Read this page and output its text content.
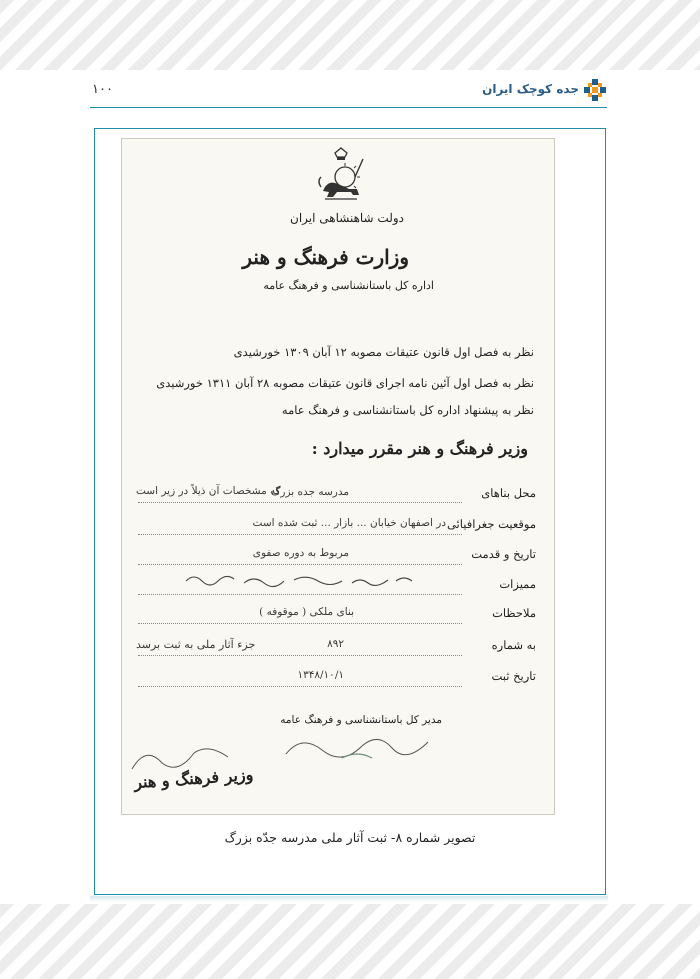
۱۰۰	جده کوچک ایران
دولت شاهنشاهی ایران
وزارت فرهنگ و هنر
اداره کل باستانشناسی و فرهنگ عامه
نظر به فصل اول قانون عتیقات مصوبه ۱۲ آبان ۱۳۰۹ خورشیدی
نظر به فصل اول آئین نامه اجرای قانون عتیقات مصوبه ۲۸ آبان ۱۳۱۱ خورشیدی
نظر به پیشنهاد اداره کل باستانشناسی و فرهنگ عامه
وزیر فرهنگ و هنر مقرر میدارد :
محل بناهای
مدرسه جده بزرگ
که مشخصات آن ذیلاً در زیر است
موقعیت جغرافیائی
در اصفهان خیابان ... بازار ... ثبت شده است
تاریخ و قدمت
مربوط به دوره صفوی
ممیزات
ملاحظات
بنای ملکی ( موقوفه )
به شماره
۸۹۲
جزء آثار ملی به ثبت برسد
تاریخ ثبت
۱۳۴۸/۱۰/۱
مدیر کل باستانشناسی و فرهنگ عامه
وزیر فرهنگ و هنر
تصویر شماره ۸- ثبت آثار ملی مدرسه جدّه بزرگ
